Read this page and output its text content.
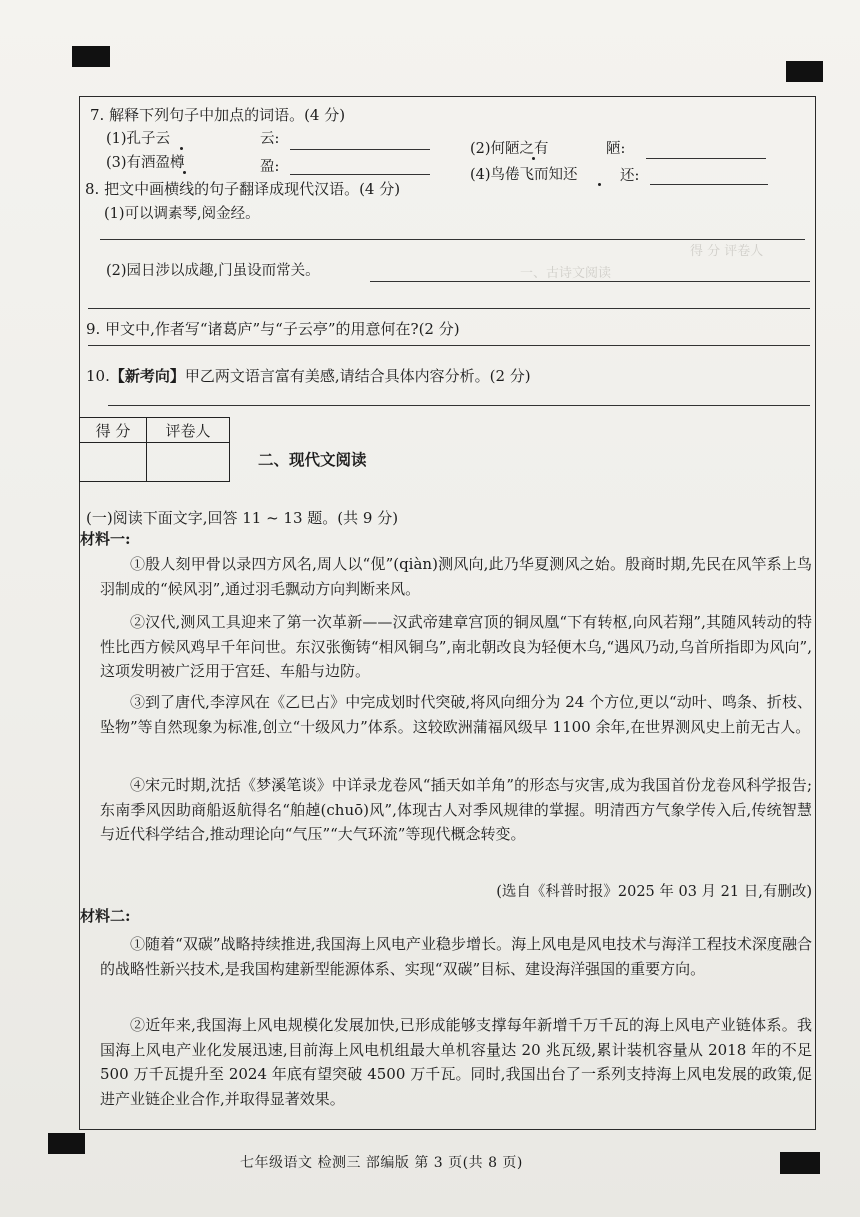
一、古诗文阅读
得 分 评卷人
7. 解释下列句子中加点的词语。(4 分)
(1)孔子云	云:
(2)何陋之有	陋:
(3)有酒盈樽	盈:	(4)鸟倦飞而知还	还:
8. 把文中画横线的句子翻译成现代汉语。(4 分)
(1)可以调素琴,阅金经。
(2)园日涉以成趣,门虽设而常关。
9. 甲文中,作者写“诸葛庐”与“子云亭”的用意何在?(2 分)
10.【新考向】甲乙两文语言富有美感,请结合具体内容分析。(2 分)
得 分	评卷人

二、现代文阅读
(一)阅读下面文字,回答 11 ~ 13 题。(共 9 分)
材料一:

①殷人刻甲骨以录四方风名,周人以“伣”(qiàn)测风向,此乃华夏测风之始。殷商时期,先民在风竿系上鸟羽制成的“候风羽”,通过羽毛飘动方向判断来风。

②汉代,测风工具迎来了第一次革新——汉武帝建章宫顶的铜凤凰“下有转枢,向风若翔”,其随风转动的特性比西方候风鸡早千年问世。东汉张衡铸“相风铜乌”,南北朝改良为轻便木乌,“遇风乃动,乌首所指即为风向”,这项发明被广泛用于宫廷、车船与边防。

③到了唐代,李淳风在《乙巳占》中完成划时代突破,将风向细分为 24 个方位,更以“动叶、鸣条、折枝、坠物”等自然现象为标准,创立“十级风力”体系。这较欧洲蒲福风级早 1100 余年,在世界测风史上前无古人。

④宋元时期,沈括《梦溪笔谈》中详录龙卷风“插天如羊角”的形态与灾害,成为我国首份龙卷风科学报告;东南季风因助商船返航得名“舶趠(chuō)风”,体现古人对季风规律的掌握。明清西方气象学传入后,传统智慧与近代科学结合,推动理论向“气压”“大气环流”等现代概念转变。

(选自《科普时报》2025 年 03 月 21 日,有删改)
材料二:

①随着“双碳”战略持续推进,我国海上风电产业稳步增长。海上风电是风电技术与海洋工程技术深度融合的战略性新兴技术,是我国构建新型能源体系、实现“双碳”目标、建设海洋强国的重要方向。

②近年来,我国海上风电规模化发展加快,已形成能够支撑每年新增千万千瓦的海上风电产业链体系。我国海上风电产业化发展迅速,目前海上风电机组最大单机容量达 20 兆瓦级,累计装机容量从 2018 年的不足 500 万千瓦提升至 2024 年底有望突破 4500 万千瓦。同时,我国出台了一系列支持海上风电发展的政策,促进产业链企业合作,并取得显著效果。

七年级语文 检测三 部编版 第 3 页(共 8 页)
